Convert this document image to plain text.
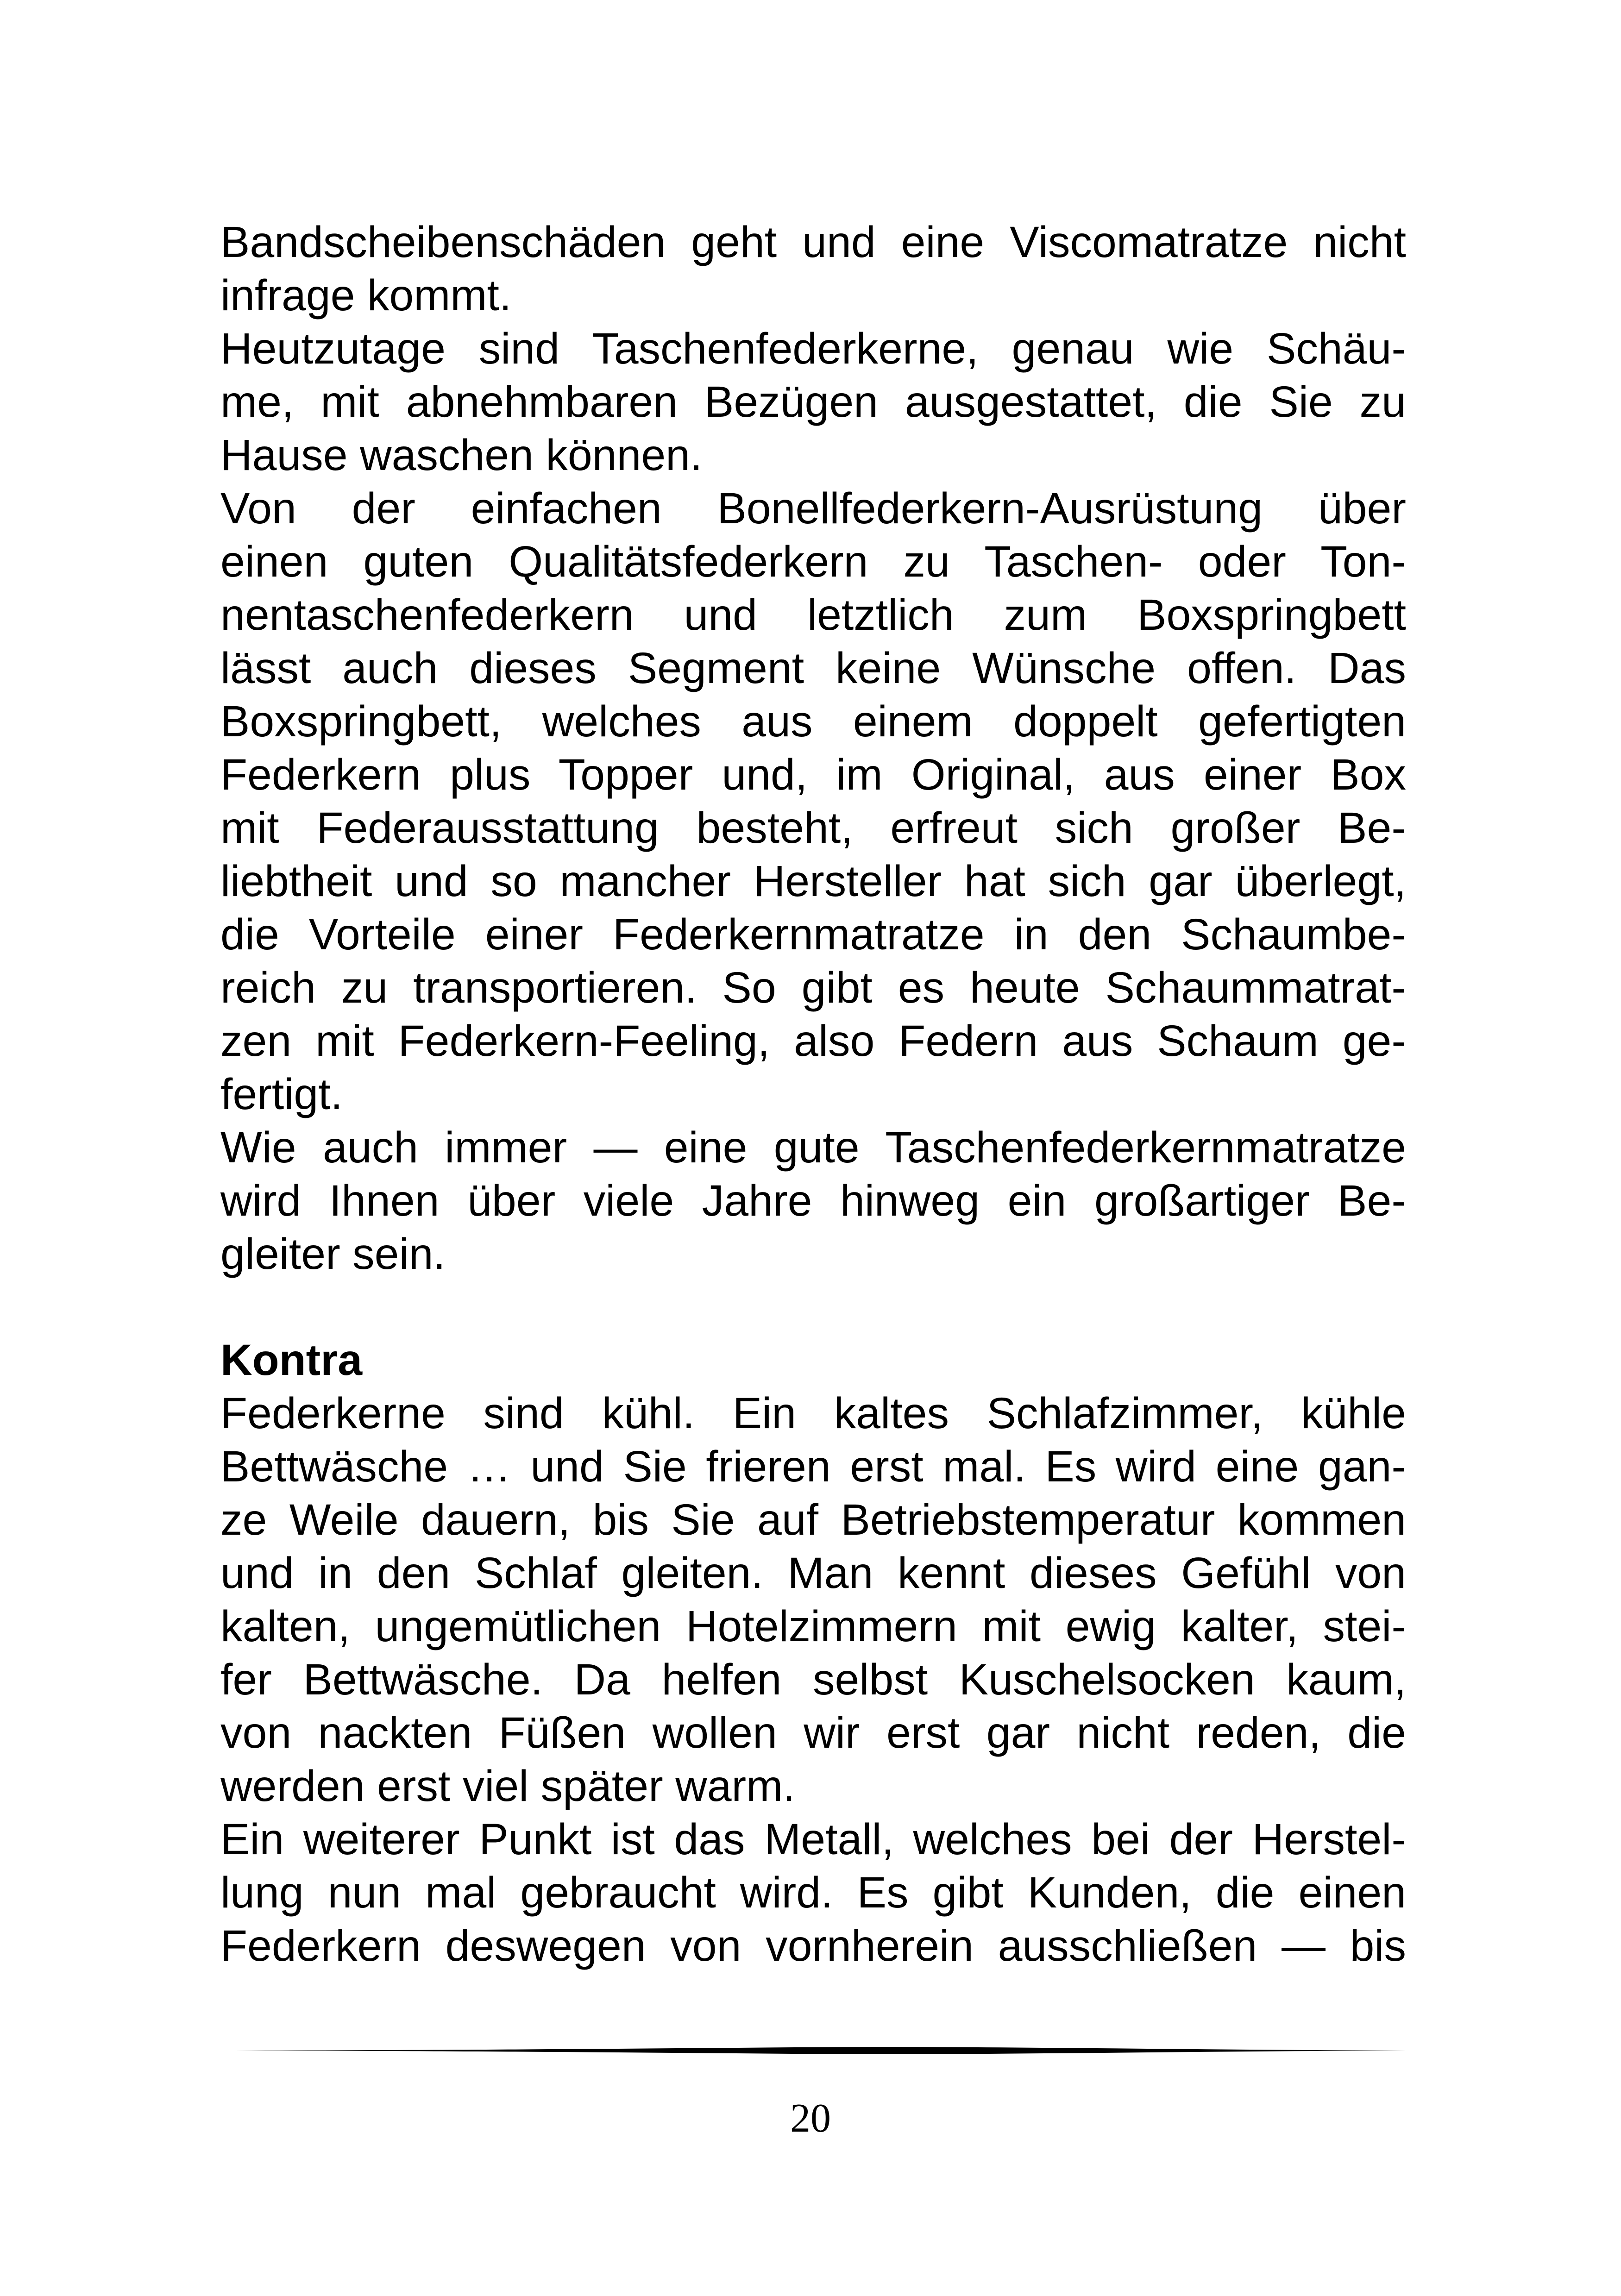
Bandscheibenschäden geht und eine Viscomatratze nicht
infrage kommt.
Heutzutage sind Taschenfederkerne, genau wie Schäu-
me, mit abnehmbaren Bezügen ausgestattet, die Sie zu
Hause waschen können.
Von der einfachen Bonellfederkern-Ausrüstung über
einen guten Qualitätsfederkern zu Taschen- oder Ton-
nentaschenfederkern und letztlich zum Boxspringbett
lässt auch dieses Segment keine Wünsche offen. Das
Boxspringbett, welches aus einem doppelt gefertigten
Federkern plus Topper und, im Original, aus einer Box
mit Federausstattung besteht, erfreut sich großer Be-
liebtheit und so mancher Hersteller hat sich gar überlegt,
die Vorteile einer Federkernmatratze in den Schaumbe-
reich zu transportieren. So gibt es heute Schaummatrat-
zen mit Federkern-Feeling, also Federn aus Schaum ge-
fertigt.
Wie auch immer — eine gute Taschenfederkernmatratze
wird Ihnen über viele Jahre hinweg ein großartiger Be-
gleiter sein.
Kontra
Federkerne sind kühl. Ein kaltes Schlafzimmer, kühle
Bettwäsche … und Sie frieren erst mal. Es wird eine gan-
ze Weile dauern, bis Sie auf Betriebstemperatur kommen
und in den Schlaf gleiten. Man kennt dieses Gefühl von
kalten, ungemütlichen Hotelzimmern mit ewig kalter, stei-
fer Bettwäsche. Da helfen selbst Kuschelsocken kaum,
von nackten Füßen wollen wir erst gar nicht reden, die
werden erst viel später warm.
Ein weiterer Punkt ist das Metall, welches bei der Herstel-
lung nun mal gebraucht wird. Es gibt Kunden, die einen
Federkern deswegen von vornherein ausschließen — bis
20
